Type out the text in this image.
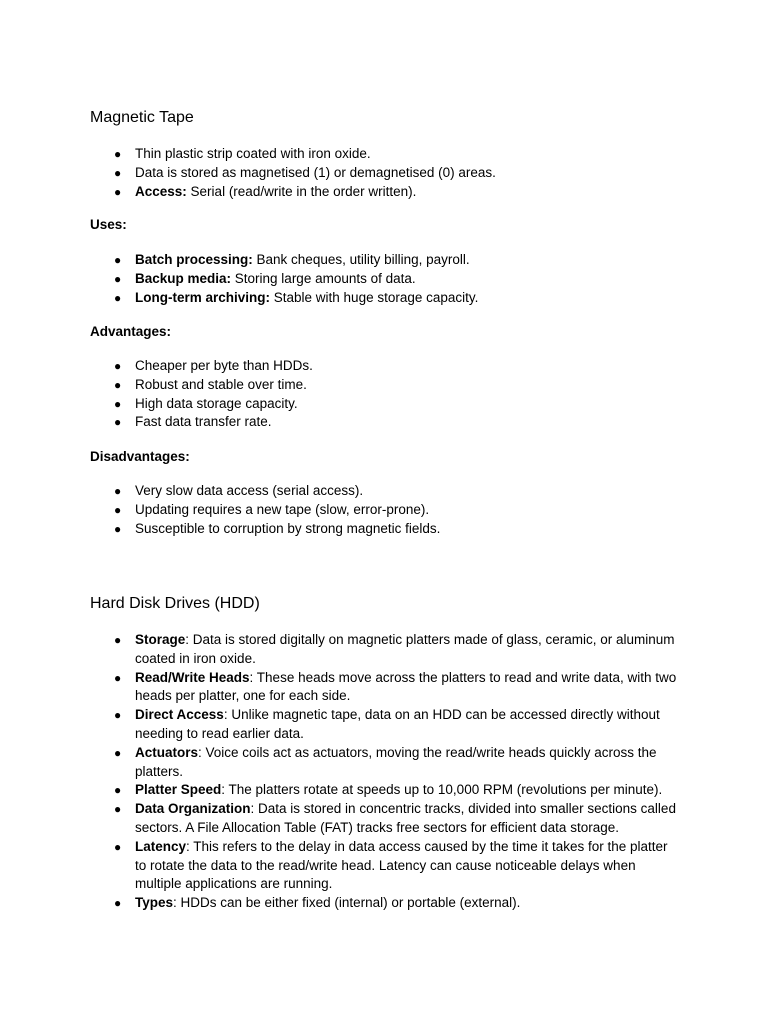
Magnetic Tape
● Thin plastic strip coated with iron oxide.
● Data is stored as magnetised (1) or demagnetised (0) areas.
● Access: Serial (read/write in the order written).
Uses:
● Batch processing: Bank cheques, utility billing, payroll.
● Backup media: Storing large amounts of data.
● Long-term archiving: Stable with huge storage capacity.
Advantages:
● Cheaper per byte than HDDs.
● Robust and stable over time.
● High data storage capacity.
● Fast data transfer rate.
Disadvantages:
● Very slow data access (serial access).
● Updating requires a new tape (slow, error-prone).
● Susceptible to corruption by strong magnetic fields.
Hard Disk Drives (HDD)
● Storage: Data is stored digitally on magnetic platters made of glass, ceramic, or aluminum coated in iron oxide.
● Read/Write Heads: These heads move across the platters to read and write data, with two heads per platter, one for each side.
● Direct Access: Unlike magnetic tape, data on an HDD can be accessed directly without needing to read earlier data.
● Actuators: Voice coils act as actuators, moving the read/write heads quickly across the platters.
● Platter Speed: The platters rotate at speeds up to 10,000 RPM (revolutions per minute).
● Data Organization: Data is stored in concentric tracks, divided into smaller sections called sectors. A File Allocation Table (FAT) tracks free sectors for efficient data storage.
● Latency: This refers to the delay in data access caused by the time it takes for the platter to rotate the data to the read/write head. Latency can cause noticeable delays when multiple applications are running.
● Types: HDDs can be either fixed (internal) or portable (external).
